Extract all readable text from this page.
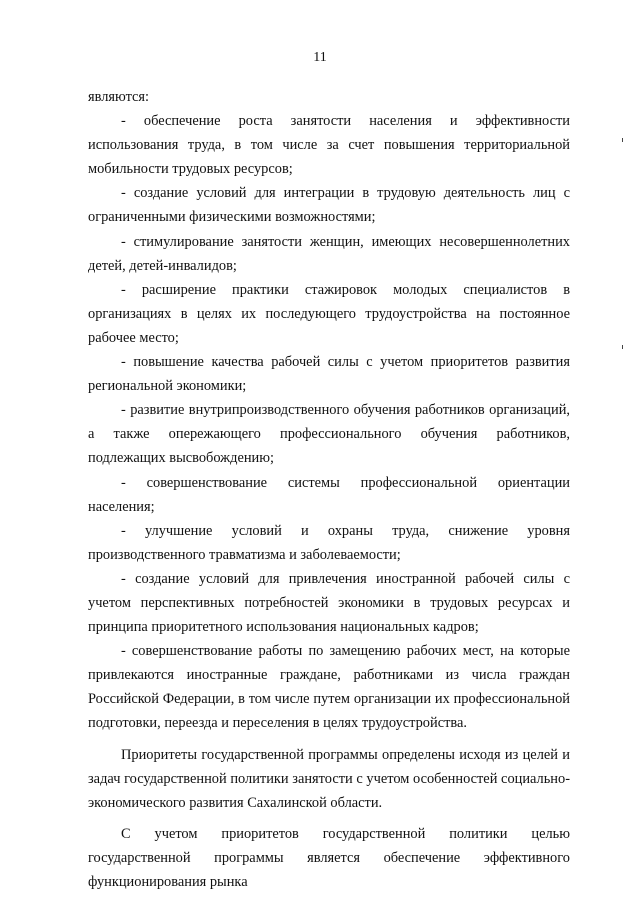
11

являются:

- обеспечение роста занятости населения и эффективности использования труда, в том числе за счет повышения территориальной мобильности трудовых ресурсов;

- создание условий для интеграции в трудовую деятельность лиц с ограниченными физическими возможностями;

- стимулирование занятости женщин, имеющих несовершеннолетних детей, детей-инвалидов;

- расширение практики стажировок молодых специалистов в организациях в целях их последующего трудоустройства на постоянное рабочее место;

- повышение качества рабочей силы с учетом приоритетов развития региональной экономики;

- развитие внутрипроизводственного обучения работников организаций, а также опережающего профессионального обучения работников, подлежащих высвобождению;

- совершенствование системы профессиональной ориентации населения;

- улучшение условий и охраны труда, снижение уровня производственного травматизма и заболеваемости;

- создание условий для привлечения иностранной рабочей силы с учетом перспективных потребностей экономики в трудовых ресурсах и принципа приоритетного использования национальных кадров;

- совершенствование работы по замещению рабочих мест, на которые привлекаются иностранные граждане, работниками из числа граждан Российской Федерации, в том числе путем организации их профессиональной подготовки, переезда и переселения в целях трудоустройства.

Приоритеты государственной программы определены исходя из целей и задач государственной политики занятости с учетом особенностей социально-экономического развития Сахалинской области.

С учетом приоритетов государственной политики целью государственной программы является обеспечение эффективного функционирования рынка
